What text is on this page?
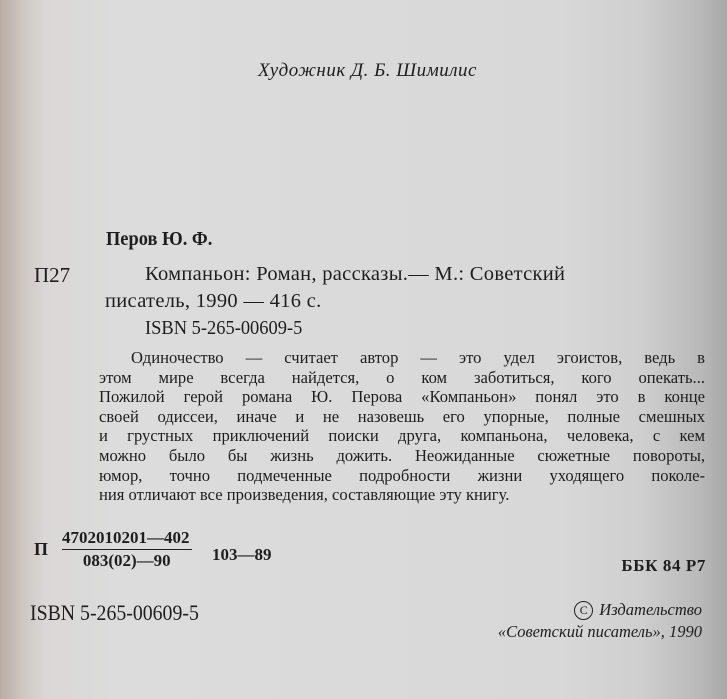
Художник Д. Б. Шимилис
Перов Ю. Ф.
П27	Компаньон: Роман, рассказы.— М.: Советский
писатель, 1990 — 416 с.
ISBN 5-265-00609-5

Одиночество — считает автор — это удел эгоистов, ведь в

этом мире всегда найдется, о ком заботиться, кого опекать...

Пожилой герой романа Ю. Перова «Компаньон» понял это в конце

своей одиссеи, иначе и не назовешь его упорные, полные смешных

и грустных приключений поиски друга, компаньона, человека, с кем

можно было бы жизнь дожить. Неожиданные сюжетные повороты,

юмор, точно подмеченные подробности жизни уходящего поколе-

ния отличают все произведения, составляющие эту книгу.

П $\frac{4702010201—402}{083(02)—90}$ 103—89
ББК 84 Р7
ISBN 5-265-00609-5	C Издательство
«Советский писатель», 1990
